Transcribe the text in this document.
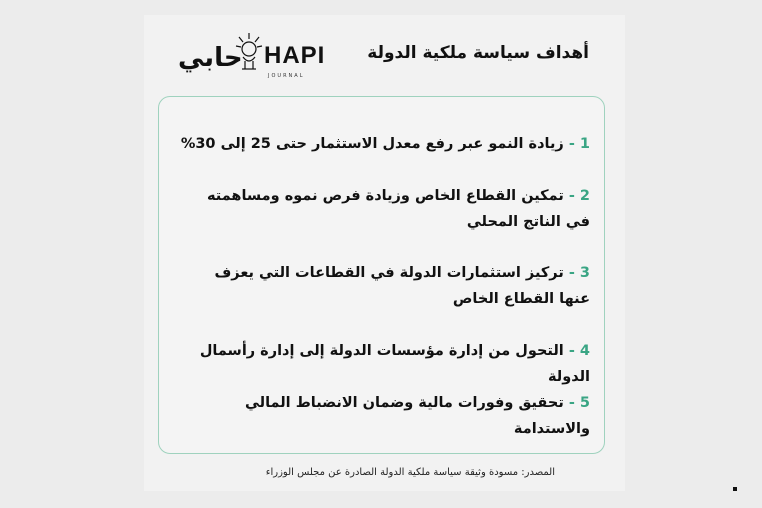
أهداف سياسة ملكية الدولة
حابي HAPI
JOURNAL
1 - زيادة النمو عبر رفع معدل الاستثمار حتى 25 إلى 30%
2 - تمكين القطاع الخاص وزيادة فرص نموه ومساهمته في الناتج المحلي
3 - تركيز استثمارات الدولة في القطاعات التي يعزف عنها القطاع الخاص
4 - التحول من إدارة مؤسسات الدولة إلى إدارة رأسمال الدولة
5 - تحقيق وفورات مالية وضمان الانضباط المالي والاستدامة
المصدر: مسودة وثيقة سياسة ملكية الدولة الصادرة عن مجلس الوزراء
